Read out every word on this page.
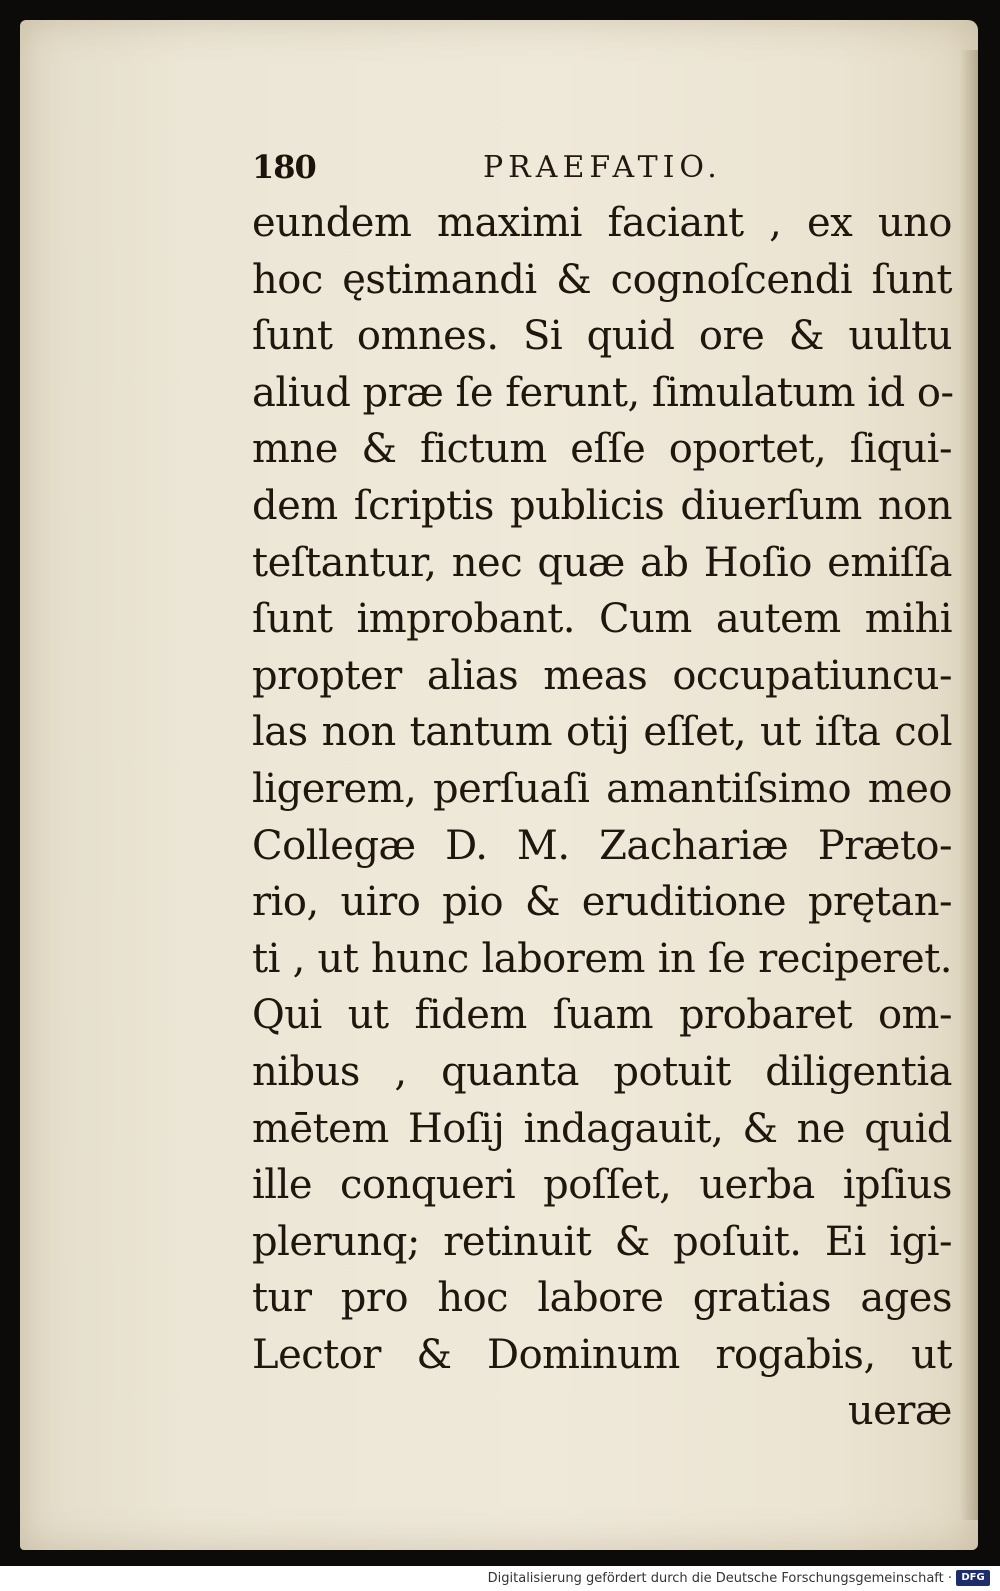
180	PRAEFATIO.
eundem maximi faciant , ex uno
hoc ęstimandi & cognoſcendi ſunt
ſunt omnes. Si quid ore & uultu
aliud præ ſe ferunt, ſimulatum id o-
mne & fictum eſſe oportet, ſiqui-
dem ſcriptis publicis diuerſum non
teſtantur, nec quæ ab Hoſio emiſſa
ſunt improbant. Cum autem mihi
propter alias meas occupatiuncu-
las non tantum otij eſſet, ut iſta col
ligerem, perſuaſi amantiſsimo meo
Collegæ D. M. Zachariæ Præto-
rio, uiro pio & eruditione prętan-
ti , ut hunc laborem in ſe reciperet.
Qui ut fidem ſuam probaret om-
nibus , quanta potuit diligentia
mētem Hoſij indagauit, & ne quid
ille conqueri poſſet, uerba ipſius
plerunq; retinuit & poſuit. Ei igi-
tur pro hoc labore gratias ages
Lector & Dominum rogabis, ut
ueræ
Digitalisierung gefördert durch die Deutsche Forschungsgemeinschaft · DFG
